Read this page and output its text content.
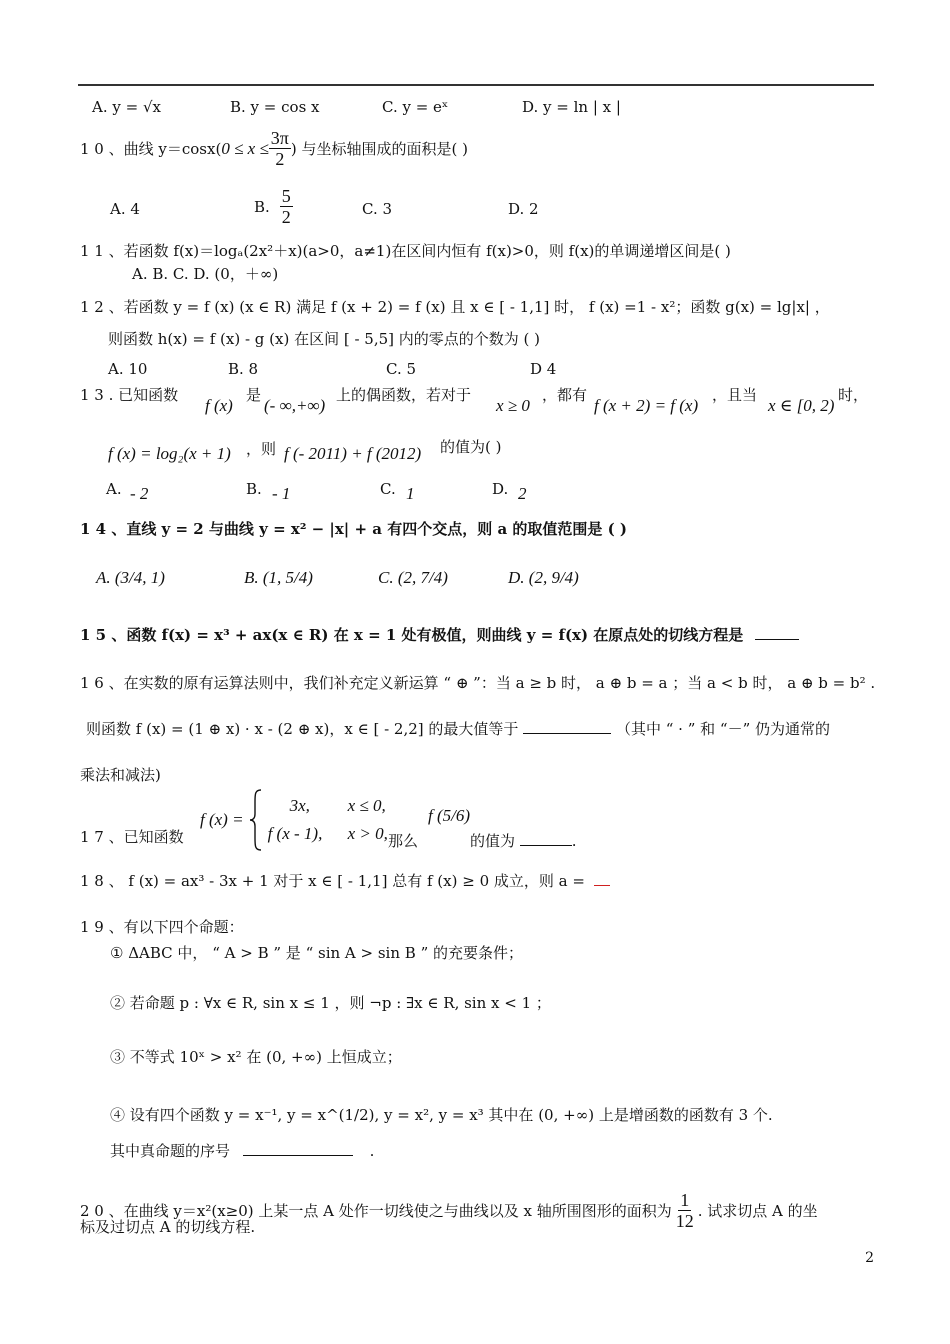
A. y = √x	B. y = cos x	C. y = eˣ	D. y = ln | x |
1 0 、曲线 y＝cosx( $0 \le x \le \frac{3\pi}{2}$ ) 与坐标轴围成的面积是( )
A. 4	B. $\frac{5}{2}$	C. 3	D. 2
1 1 、若函数 f(x)＝logₐ(2x²＋x)(a>0，a≠1)在区间内恒有 f(x)>0，则 f(x)的单调递增区间是( )
A. B. C. D. (0，＋∞)
1 2 、若函数 y = f (x) (x ∈ R) 满足 f (x + 2) = f (x) 且 x ∈ [ - 1,1] 时， f (x) =1 - x²；函数 g(x) = lg|x| ，
则函数 h(x) = f (x) - g (x) 在区间 [ - 5,5] 内的零点的个数为 ( )
A. 10	B. 8	C. 5	D 4
1 3 . 已知函数
f (x)
是
(- ∞,+∞)
上的偶函数，若对于
x ≥ 0
，都有
f (x + 2) = f (x)
，且当
x ∈ [0, 2)
时，
f (x) = log₂(x + 1) ，则 f (- 2011) + f (2012) 的值为( )
A. - 2	B. - 1	C. 1	D. 2
1 4 、直线 y = 2 与曲线 y = x² − |x| + a 有四个交点，则 a 的取值范围是 ( )
A. (3/4, 1)	B. (1, 5/4)	C. (2, 7/4)	D. (2, 9/4)
1 5 、函数 f(x) = x³ + ax(x ∈ R) 在 x = 1 处有极值，则曲线 y = f(x) 在原点处的切线方程是
1 6 、在实数的原有运算法则中，我们补充定义新运算 “ ⊕ ”：当 a ≥ b 时， a ⊕ b = a ；当 a < b 时， a ⊕ b = b² .
则函数 f (x) = (1 ⊕ x) · x - (2 ⊕ x)，x ∈ [ - 2,2] 的最大值等于	（其中 “ · ” 和 “－” 仍为通常的
乘法和减法)
1 7 、已知函数
f (x) =
3x,	x ≤ 0,
f (x - 1),	x > 0, 那么
f (5/6)
的值为	.
1 8 、 f (x) = ax³ - 3x + 1 对于 x ∈ [ - 1,1] 总有 f (x) ≥ 0 成立，则 a =
1 9 、有以下四个命题：
① ΔABC 中， “ A > B ” 是 “ sin A > sin B ” 的充要条件；
② 若命题 p : ∀x ∈ R, sin x ≤ 1 ，则 ¬p : ∃x ∈ R, sin x < 1 ；
③ 不等式 10ˣ > x² 在 (0, +∞) 上恒成立；
④ 设有四个函数 y = x⁻¹, y = x^(1/2), y = x², y = x³ 其中在 (0, +∞) 上是增函数的函数有 3 个.
其中真命题的序号	.
2 0 、在曲线 y＝x²(x≥0) 上某一点 A 处作一切线使之与曲线以及 x 轴所围图形的面积为 $\frac{1}{12}$ . 试求切点 A 的坐
标及过切点 A 的切线方程.
2
